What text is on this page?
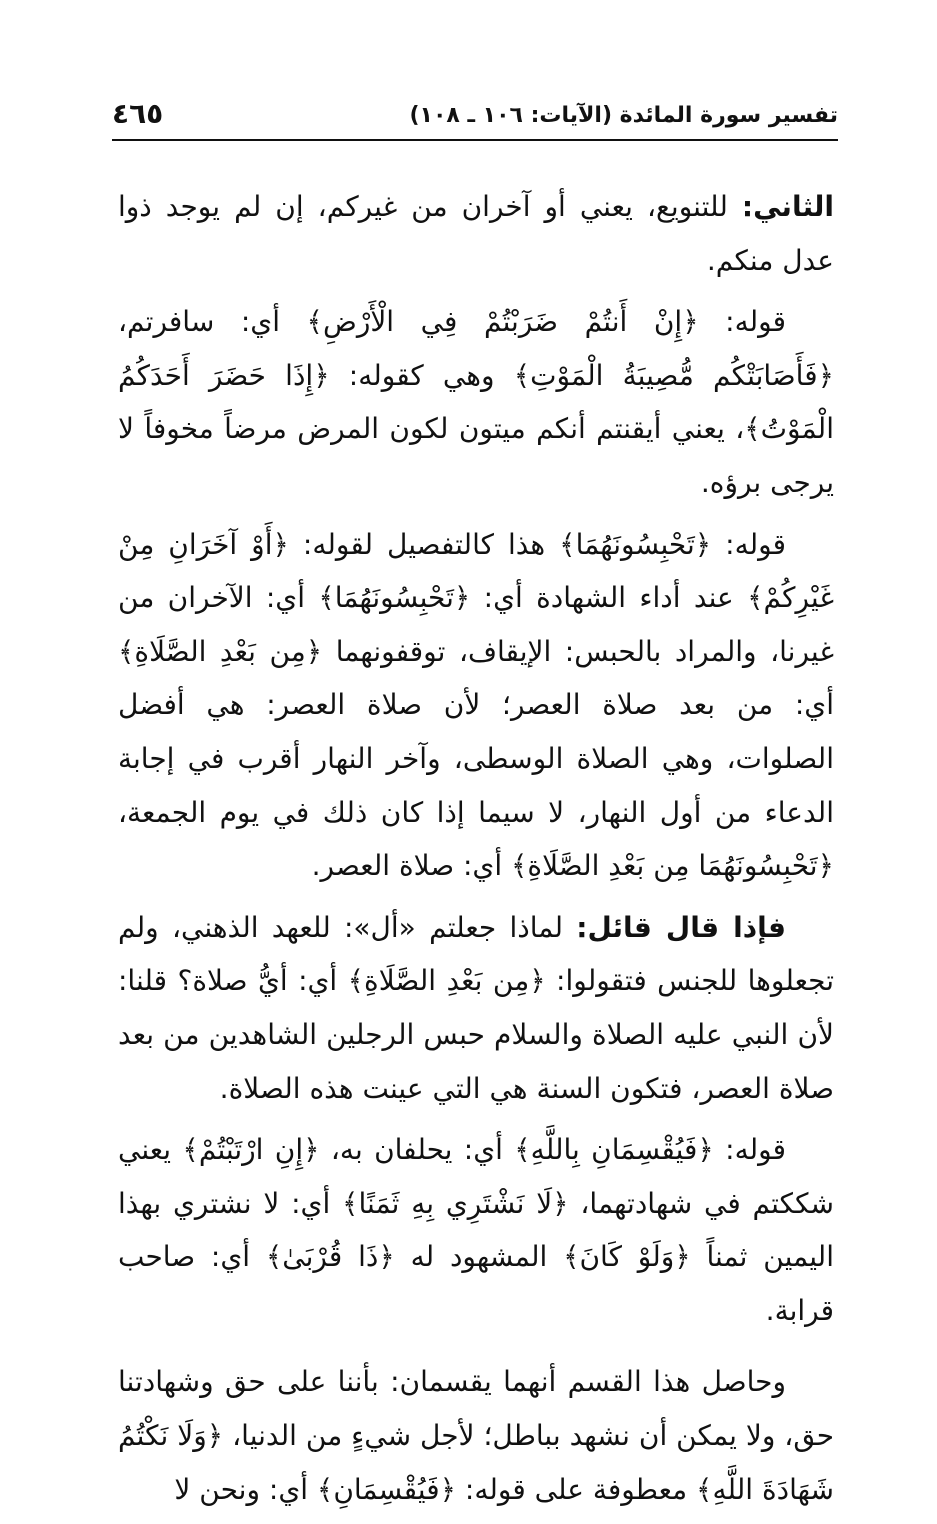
تفسير سورة المائدة (الآيات: ١٠٦ ـ ١٠٨)
٤٦٥

الثاني: للتنويع، يعني أو آخران من غيركم، إن لم يوجد ذوا عدل منكم.

قوله: ﴿إِنْ أَنتُمْ ضَرَبْتُمْ فِي الْأَرْضِ﴾ أي: سافرتم، ﴿فَأَصَابَتْكُم مُّصِيبَةُ الْمَوْتِ﴾ وهي كقوله: ﴿إِذَا حَضَرَ أَحَدَكُمُ الْمَوْتُ﴾، يعني أيقنتم أنكم ميتون لكون المرض مرضاً مخوفاً لا يرجى برؤه.

قوله: ﴿تَحْبِسُونَهُمَا﴾ هذا كالتفصيل لقوله: ﴿أَوْ آخَرَانِ مِنْ غَيْرِكُمْ﴾ عند أداء الشهادة أي: ﴿تَحْبِسُونَهُمَا﴾ أي: الآخران من غيرنا، والمراد بالحبس: الإيقاف، توقفونهما ﴿مِن بَعْدِ الصَّلَاةِ﴾ أي: من بعد صلاة العصر؛ لأن صلاة العصر: هي أفضل الصلوات، وهي الصلاة الوسطى، وآخر النهار أقرب في إجابة الدعاء من أول النهار، لا سيما إذا كان ذلك في يوم الجمعة، ﴿تَحْبِسُونَهُمَا مِن بَعْدِ الصَّلَاةِ﴾ أي: صلاة العصر.

فإذا قال قائل: لماذا جعلتم «أل»: للعهد الذهني، ولم تجعلوها للجنس فتقولوا: ﴿مِن بَعْدِ الصَّلَاةِ﴾ أي: أيُّ صلاة؟ قلنا: لأن النبي عليه الصلاة والسلام حبس الرجلين الشاهدين من بعد صلاة العصر، فتكون السنة هي التي عينت هذه الصلاة.

قوله: ﴿فَيُقْسِمَانِ بِاللَّهِ﴾ أي: يحلفان به، ﴿إِنِ ارْتَبْتُمْ﴾ يعني شككتم في شهادتهما، ﴿لَا نَشْتَرِي بِهِ ثَمَنًا﴾ أي: لا نشتري بهذا اليمين ثمناً ﴿وَلَوْ كَانَ﴾ المشهود له ﴿ذَا قُرْبَىٰ﴾ أي: صاحب قرابة.

وحاصل هذا القسم أنهما يقسمان: بأننا على حق وشهادتنا حق، ولا يمكن أن نشهد بباطل؛ لأجل شيءٍ من الدنيا، ﴿وَلَا نَكْتُمُ شَهَادَةَ اللَّهِ﴾ معطوفة على قوله: ﴿فَيُقْسِمَانِ﴾ أي: ونحن لا
